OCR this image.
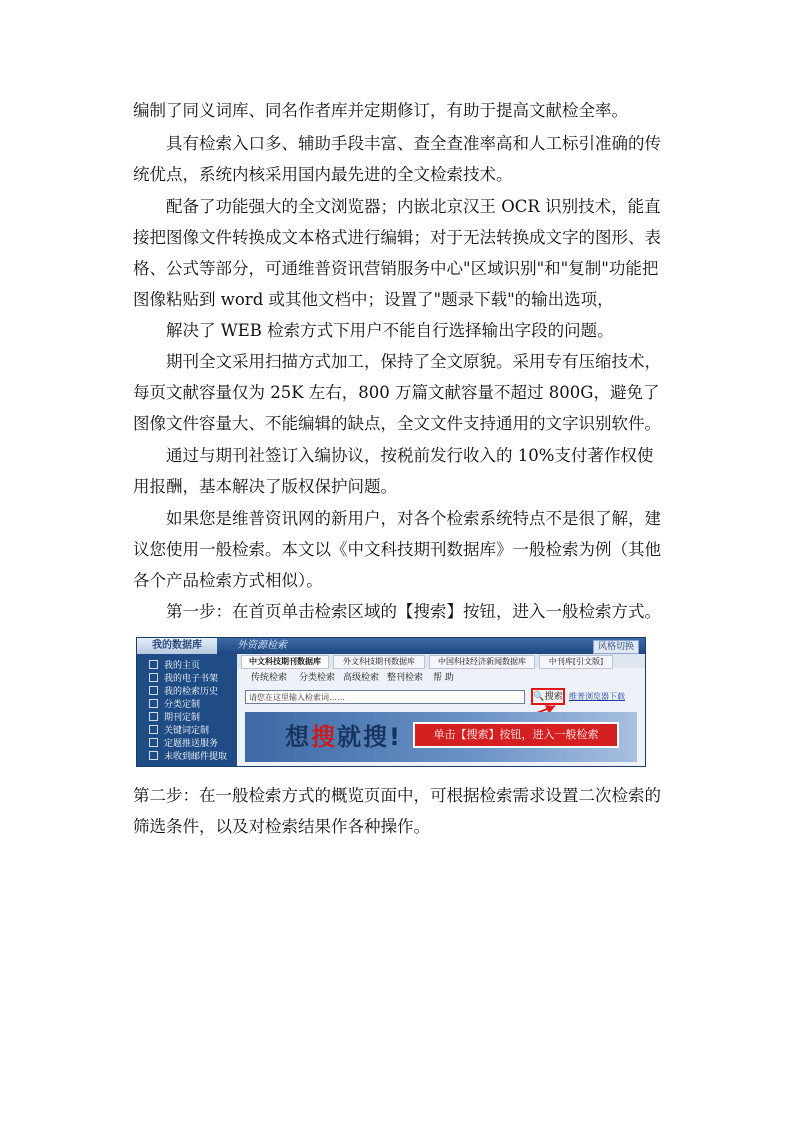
编制了同义词库、同名作者库并定期修订，有助于提高文献检全率。

具有检索入口多、辅助手段丰富、查全查准率高和人工标引准确的传统优点，系统内核采用国内最先进的全文检索技术。

配备了功能强大的全文浏览器；内嵌北京汉王 OCR 识别技术，能直接把图像文件转换成文本格式进行编辑；对于无法转换成文字的图形、表格、公式等部分，可通维普资讯营销服务中心"区域识别"和"复制"功能把图像粘贴到 word 或其他文档中；设置了"题录下载"的输出选项，

解决了 WEB 检索方式下用户不能自行选择输出字段的问题。

期刊全文采用扫描方式加工，保持了全文原貌。采用专有压缩技术，每页文献容量仅为 25K 左右，800 万篇文献容量不超过 800G，避免了图像文件容量大、不能编辑的缺点，全文文件支持通用的文字识别软件。

通过与期刊社签订入编协议，按税前发行收入的 10%支付著作权使用报酬，基本解决了版权保护问题。

如果您是维普资讯网的新用户，对各个检索系统特点不是很了解，建议您使用一般检索。本文以《中文科技期刊数据库》一般检索为例（其他各个产品检索方式相似）。

第一步：在首页单击检索区域的【搜索】按钮，进入一般检索方式。

我的数据库	外资源检索	风格切换
我的主页
我的电子书架
我的检索历史
分类定制
期刊定制
关键词定制
定题推送服务
未收到邮件提取
中文科技期刊数据库	外文科技期刊数据库	中国科技经济新闻数据库	中刊库[引文版]
传统检索 分类检索 高级检索 整刊检索 帮 助
请您在这里输入检索词……	🔍搜索 维普浏览器下载
想搜就搜!	单击【搜索】按钮，进入一般检索

第二步：在一般检索方式的概览页面中，可根据检索需求设置二次检索的筛选条件，以及对检索结果作各种操作。
